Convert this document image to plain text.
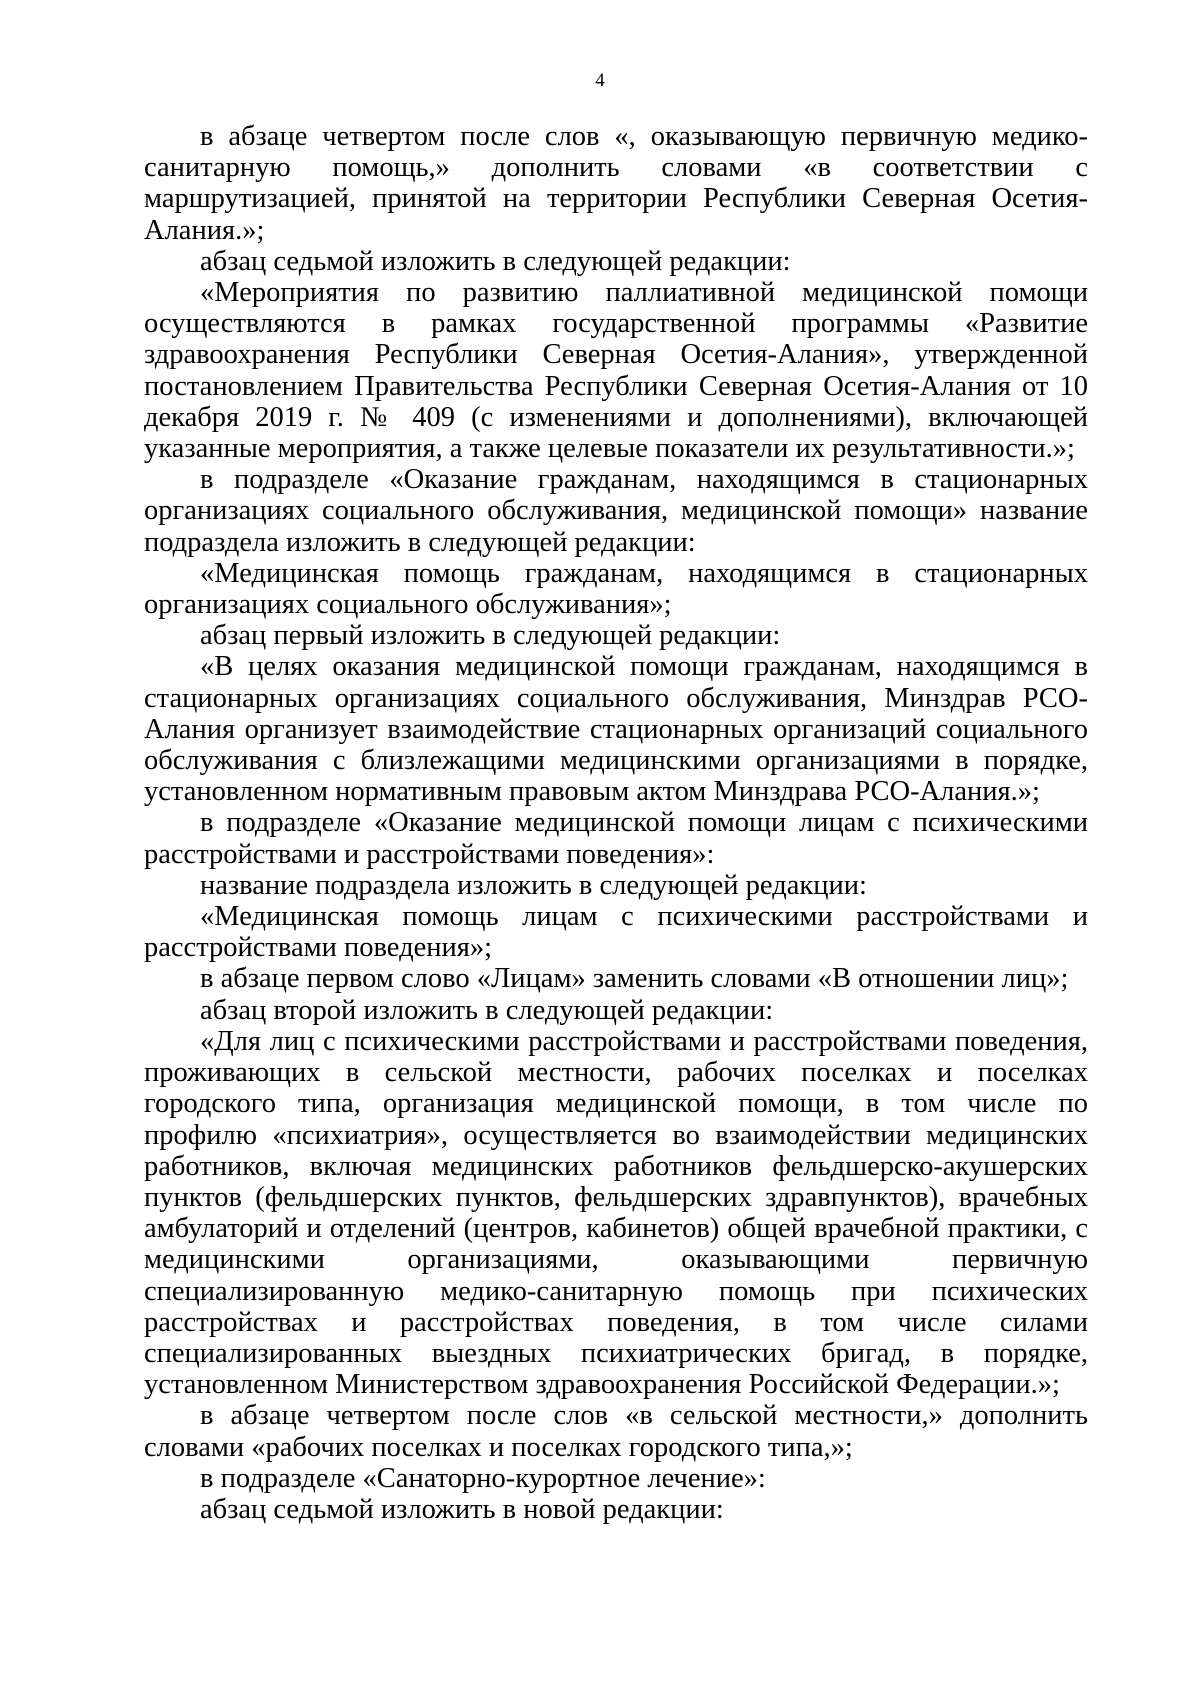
4

в абзаце четвертом после слов «, оказывающую первичную медико-санитарную помощь,» дополнить словами «в соответствии с маршрутизацией, принятой на территории Республики Северная Осетия-Алания.»;

абзац седьмой изложить в следующей редакции:

«Мероприятия по развитию паллиативной медицинской помощи осуществляются в рамках государственной программы «Развитие здравоохранения Республики Северная Осетия-Алания», утвержденной постановлением Правительства Республики Северная Осетия-Алания от 10 декабря 2019 г. № 409 (с изменениями и дополнениями), включающей указанные мероприятия, а также целевые показатели их результативности.»;

в подразделе «Оказание гражданам, находящимся в стационарных организациях социального обслуживания, медицинской помощи» название подраздела изложить в следующей редакции:

«Медицинская помощь гражданам, находящимся в стационарных организациях социального обслуживания»;

абзац первый изложить в следующей редакции:

«В целях оказания медицинской помощи гражданам, находящимся в стационарных организациях социального обслуживания, Минздрав РСО-Алания организует взаимодействие стационарных организаций социального обслуживания с близлежащими медицинскими организациями в порядке, установленном нормативным правовым актом Минздрава РСО-Алания.»;

в подразделе «Оказание медицинской помощи лицам с психическими расстройствами и расстройствами поведения»:

название подраздела изложить в следующей редакции:

«Медицинская помощь лицам с психическими расстройствами и расстройствами поведения»;

в абзаце первом слово «Лицам» заменить словами «В отношении лиц»;

абзац второй изложить в следующей редакции:

«Для лиц с психическими расстройствами и расстройствами поведения, проживающих в сельской местности, рабочих поселках и поселках городского типа, организация медицинской помощи, в том числе по профилю «психиатрия», осуществляется во взаимодействии медицинских работников, включая медицинских работников фельдшерско-акушерских пунктов (фельдшерских пунктов, фельдшерских здравпунктов), врачебных амбулаторий и отделений (центров, кабинетов) общей врачебной практики, с медицинскими организациями, оказывающими первичную специализированную медико-санитарную помощь при психических расстройствах и расстройствах поведения, в том числе силами специализированных выездных психиатрических бригад, в порядке, установленном Министерством здравоохранения Российской Федерации.»;

в абзаце четвертом после слов «в сельской местности,» дополнить словами «рабочих поселках и поселках городского типа,»;

в подразделе «Санаторно-курортное лечение»:

абзац седьмой изложить в новой редакции:
